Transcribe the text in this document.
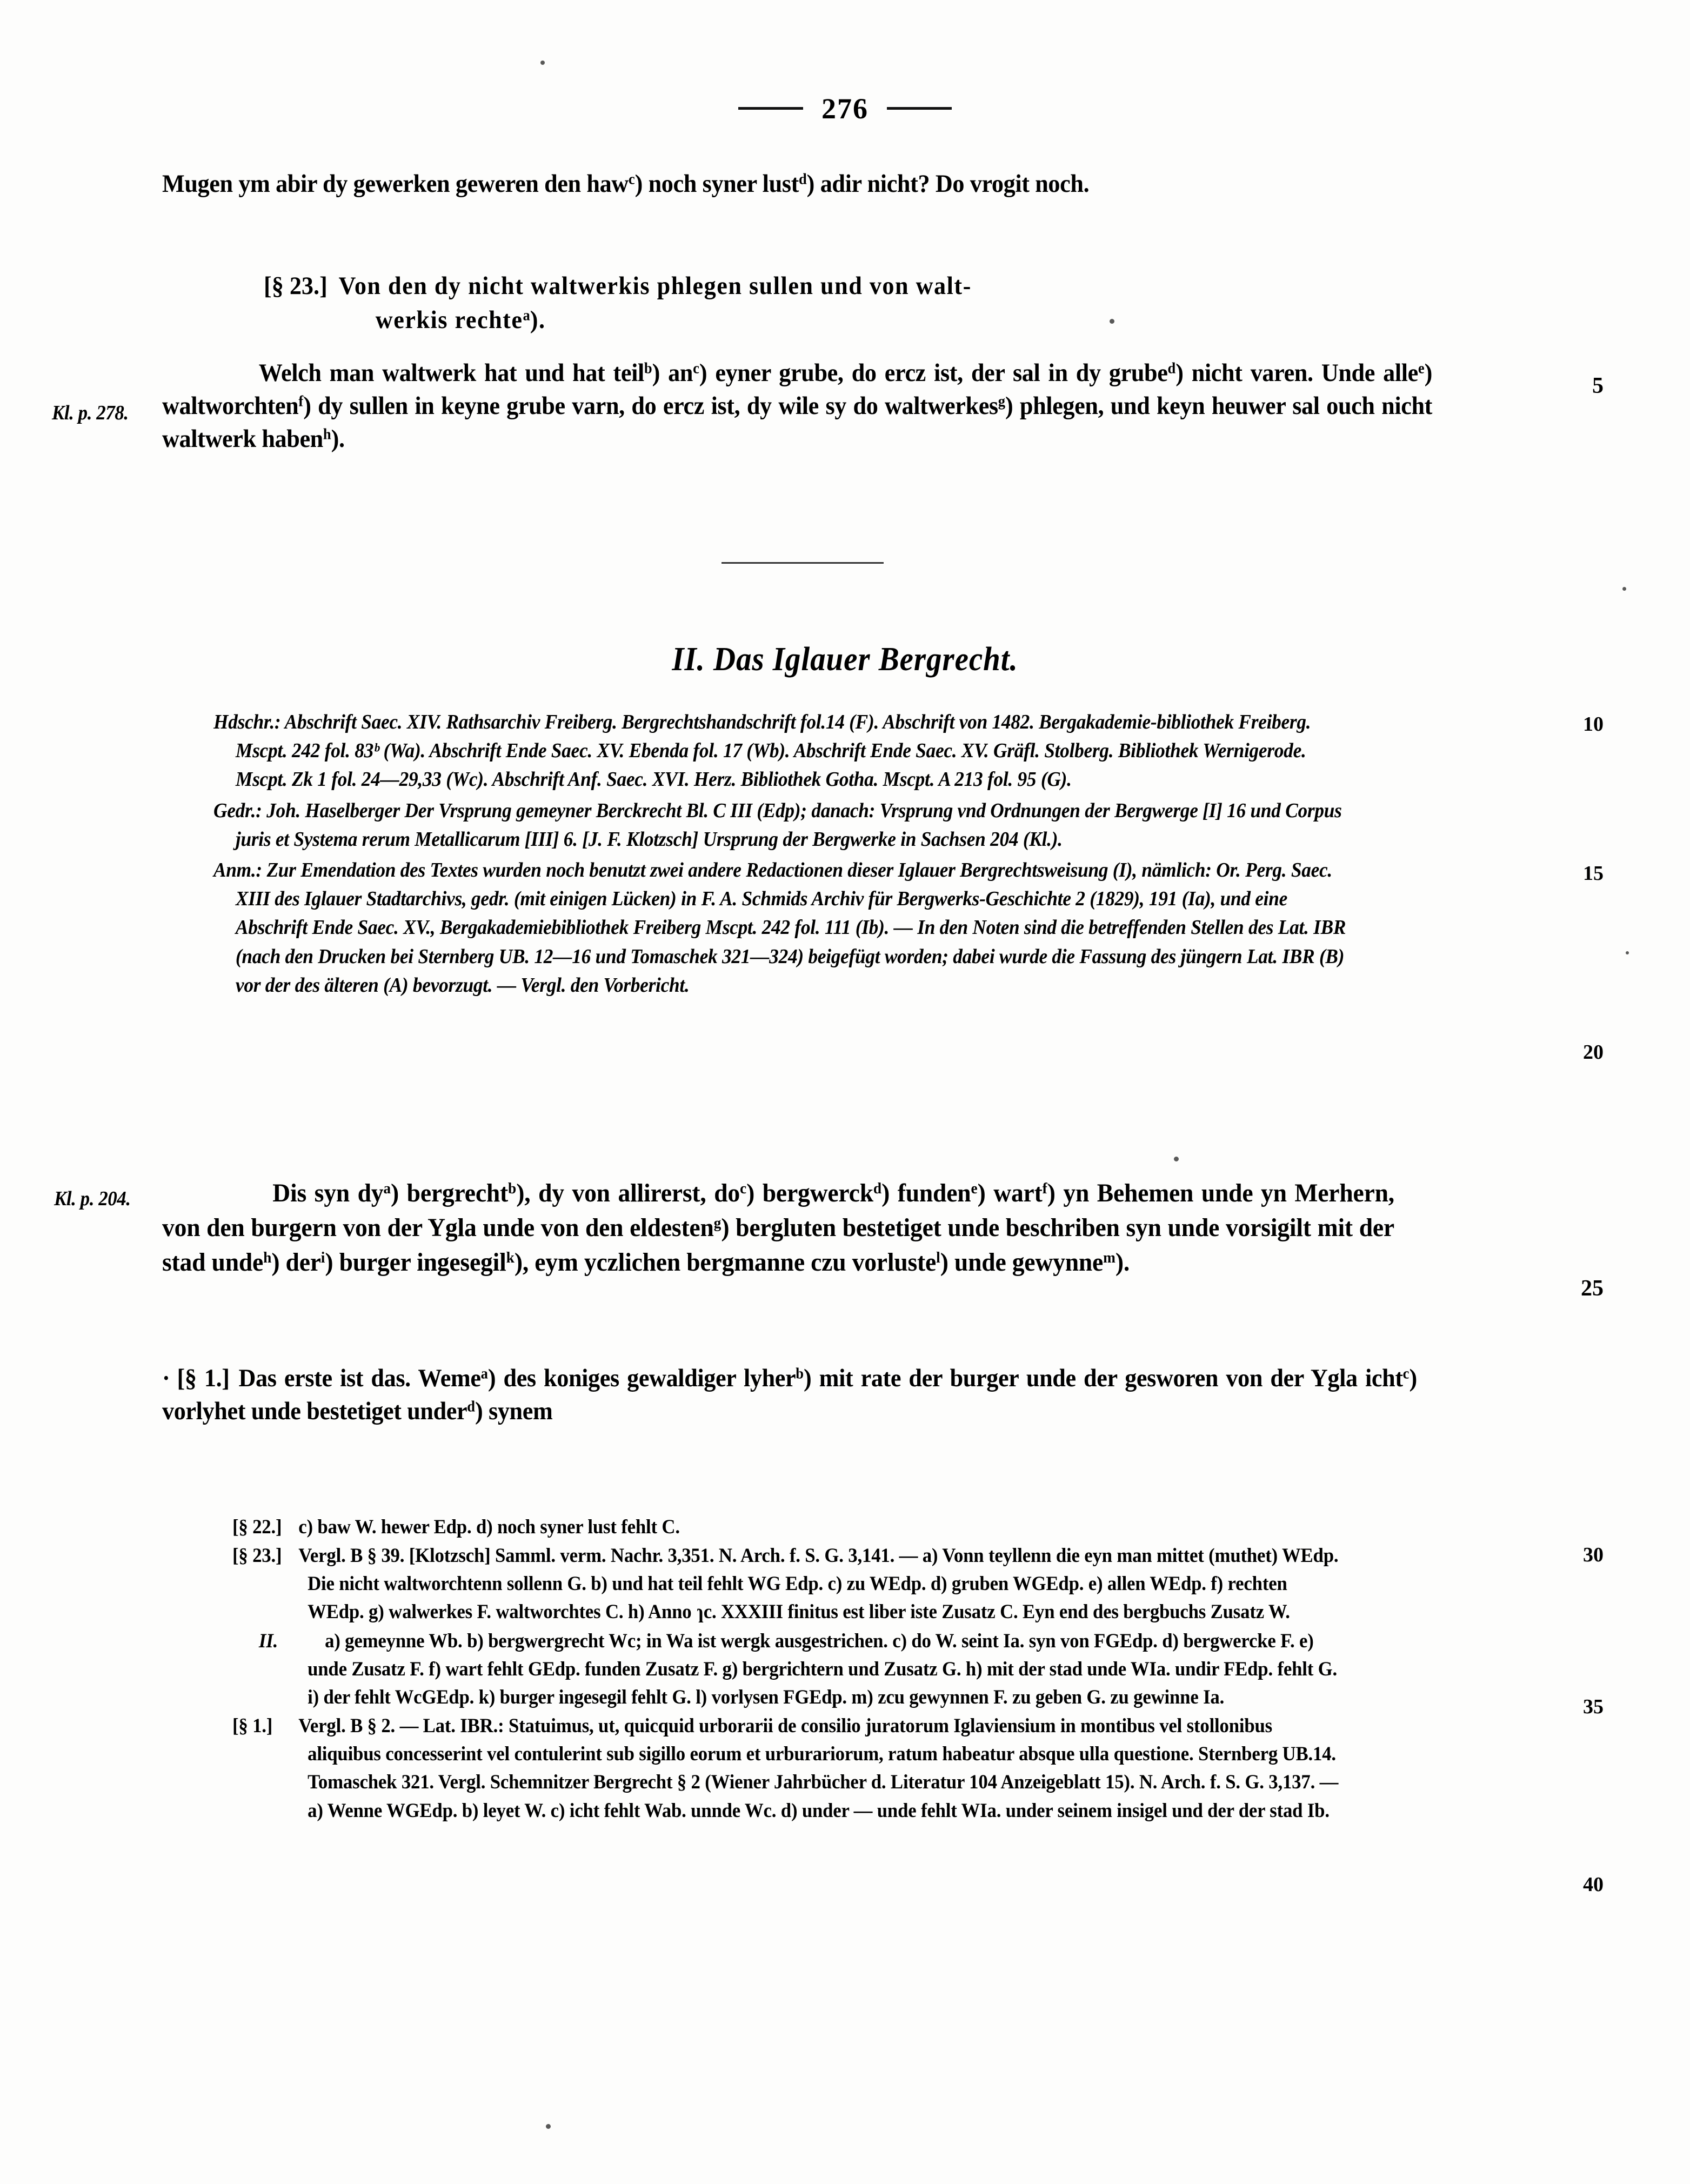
276
Mugen ym abir dy gewerken geweren den haw$^c$) noch syner lust$^d$) adir nicht? Do vrogit noch.
[§ 23.] Von den dy nicht waltwerkis phlegen sullen und von walt-
werkis rechte$^a$).
Welch man waltwerk hat und hat teil$^b$) $an^c$) eyner grube, do ercz ist, der sal in dy grube$^d$) nicht varen. Unde alle$^e$) waltworchten$^f$) dy sullen in keyne grube varn, do ercz ist, dy wile sy do waltwerkes$^g$) phlegen, und keyn heuwer sal ouch nicht waltwerk haben$^h$).
Kl. p. 278.
5
II. Das Iglauer Bergrecht.
Hdschr.: Abschrift Saec. XIV. Rathsarchiv Freiberg. Bergrechtshandschrift fol.14 (F). Abschrift von 1482. Bergakademie-bibliothek Freiberg. Mscpt. 242 fol. 83ᵇ (Wa). Abschrift Ende Saec. XV. Ebenda fol. 17 (Wb). Abschrift Ende Saec. XV. Gräfl. Stolberg. Bibliothek Wernigerode. Mscpt. Zk 1 fol. 24—29,33 (Wc). Abschrift Anf. Saec. XVI. Herz. Bibliothek Gotha. Mscpt. A 213 fol. 95 (G).
Gedr.: Joh. Haselberger Der Vrsprung gemeyner Berckrecht Bl. C III (Edp); danach: Vrsprung vnd Ordnungen der Bergwerge [I] 16 und Corpus juris et Systema rerum Metallicarum [III] 6. [J. F. Klotzsch] Ursprung der Bergwerke in Sachsen 204 (Kl.).
Anm.: Zur Emendation des Textes wurden noch benutzt zwei andere Redactionen dieser Iglauer Bergrechtsweisung (I), nämlich: Or. Perg. Saec. XIII des Iglauer Stadtarchivs, gedr. (mit einigen Lücken) in F. A. Schmids Archiv für Bergwerks-Geschichte 2 (1829), 191 (Ia), und eine Abschrift Ende Saec. XV., Bergakademiebibliothek Freiberg Mscpt. 242 fol. 111 (Ib). — In den Noten sind die betreffenden Stellen des Lat. IBR (nach den Drucken bei Sternberg UB. 12—16 und Tomaschek 321—324) beigefügt worden; dabei wurde die Fassung des jüngern Lat. IBR (B) vor der des älteren (A) bevorzugt. — Vergl. den Vorbericht.
10
15
20
Dis syn $dy^a$) bergrecht$^b$), dy von allirerst, $do^c$) bergwerck$^d$) funden$^e$) wart$^f$) yn Behemen unde yn Merhern, von den burgern von der Ygla unde von den eldesten$^g$) bergluten bestetiget unde beschriben syn unde vorsigilt mit der stad unde$^h$) der$^i$) burger ingesegil$^k$), eym yczlichen bergmanne czu vorluste$^l$) unde gewynne$^m$).
Kl. p. 204.
25
· [§ 1.] Das erste ist das. Weme$^a$) des koniges gewaldiger lyher$^b$) mit rate der burger unde der gesworen von der Ygla icht$^c$) vorlyhet unde bestetiget under$^d$) synem
[§ 22.] c) baw W. hewer Edp. d) noch syner lust fehlt C.
[§ 23.] Vergl. B § 39. [Klotzsch] Samml. verm. Nachr. 3,351. N. Arch. f. S. G. 3,141. — a) Vonn teyllenn die eyn man mittet (muthet) WEdp. Die nicht waltworchtenn sollenn G. b) und hat teil fehlt WG Edp. c) zu WEdp. d) gruben WGEdp. e) allen WEdp. f) rechten WEdp. g) walwerkes F. waltworchtes C. h) Anno ɿc. XXXIII finitus est liber iste Zusatz C. Eyn end des bergbuchs Zusatz W.
II. a) gemeynne Wb. b) bergwergrecht Wc; in Wa ist wergk ausgestrichen. c) do W. seint Ia. syn von FGEdp. d) bergwercke F. e) unde Zusatz F. f) wart fehlt GEdp. funden Zusatz F. g) bergrichtern und Zusatz G. h) mit der stad unde WIa. undir FEdp. fehlt G. i) der fehlt WcGEdp. k) burger ingesegil fehlt G. l) vorlysen FGEdp. m) zcu gewynnen F. zu geben G. zu gewinne Ia.
[§ 1.] Vergl. B § 2. — Lat. IBR.: Statuimus, ut, quicquid urborarii de consilio juratorum Iglaviensium in montibus vel stollonibus aliquibus concesserint vel contulerint sub sigillo eorum et urburariorum, ratum habeatur absque ulla questione. Sternberg UB.14. Tomaschek 321. Vergl. Schemnitzer Bergrecht § 2 (Wiener Jahrbücher d. Literatur 104 Anzeigeblatt 15). N. Arch. f. S. G. 3,137. — a) Wenne WGEdp. b) leyet W. c) icht fehlt Wab. unnde Wc. d) under — unde fehlt WIa. under seinem insigel und der der stad Ib.
30
35
40
